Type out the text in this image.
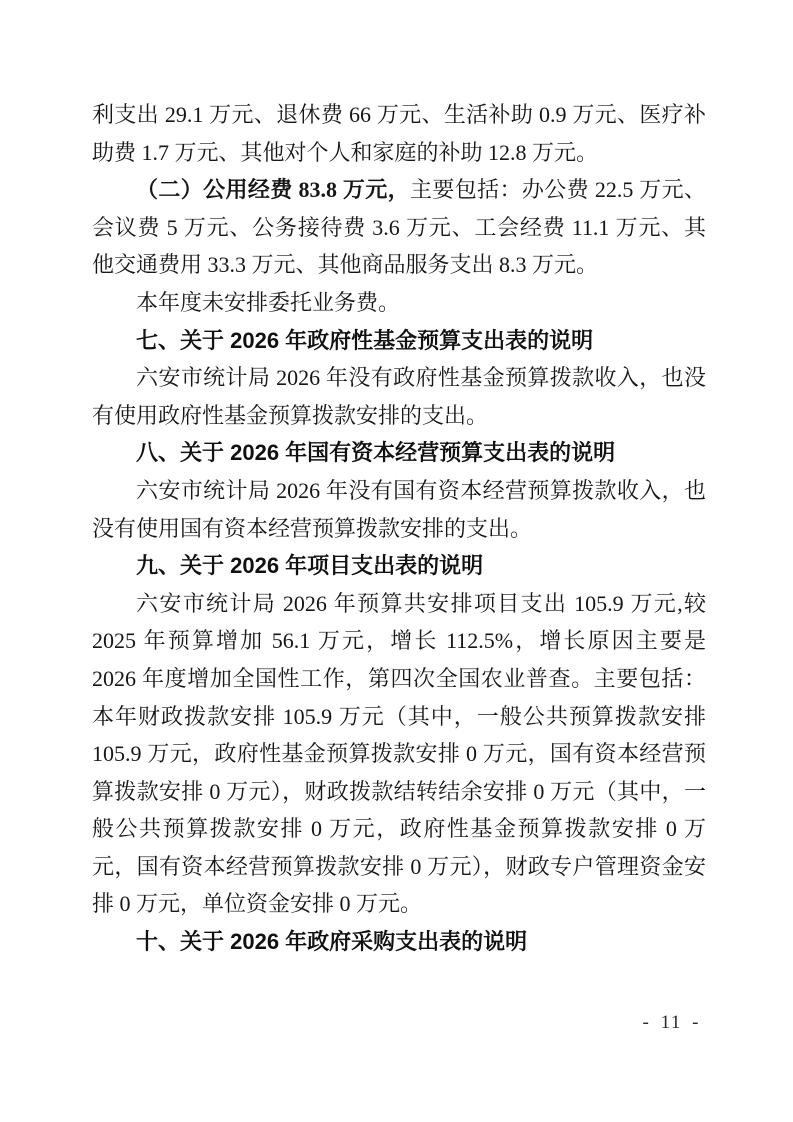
利支出 29.1 万元、退休费 66 万元、生活补助 0.9 万元、医疗补助费 1.7 万元、其他对个人和家庭的补助 12.8 万元。

（二）公用经费 83.8 万元，主要包括：办公费 22.5 万元、会议费 5 万元、公务接待费 3.6 万元、工会经费 11.1 万元、其他交通费用 33.3 万元、其他商品服务支出 8.3 万元。

本年度未安排委托业务费。

七、关于 2026 年政府性基金预算支出表的说明

六安市统计局 2026 年没有政府性基金预算拨款收入，也没有使用政府性基金预算拨款安排的支出。

八、关于 2026 年国有资本经营预算支出表的说明

六安市统计局 2026 年没有国有资本经营预算拨款收入，也没有使用国有资本经营预算拨款安排的支出。

九、关于 2026 年项目支出表的说明

六安市统计局 2026 年预算共安排项目支出 105.9 万元,较 2025 年预算增加 56.1 万元，增长 112.5%，增长原因主要是 2026 年度增加全国性工作，第四次全国农业普查。主要包括：本年财政拨款安排 105.9 万元（其中，一般公共预算拨款安排 105.9 万元，政府性基金预算拨款安排 0 万元，国有资本经营预算拨款安排 0 万元），财政拨款结转结余安排 0 万元（其中，一般公共预算拨款安排 0 万元，政府性基金预算拨款安排 0 万元，国有资本经营预算拨款安排 0 万元），财政专户管理资金安排 0 万元，单位资金安排 0 万元。

十、关于 2026 年政府采购支出表的说明
- 11 -
